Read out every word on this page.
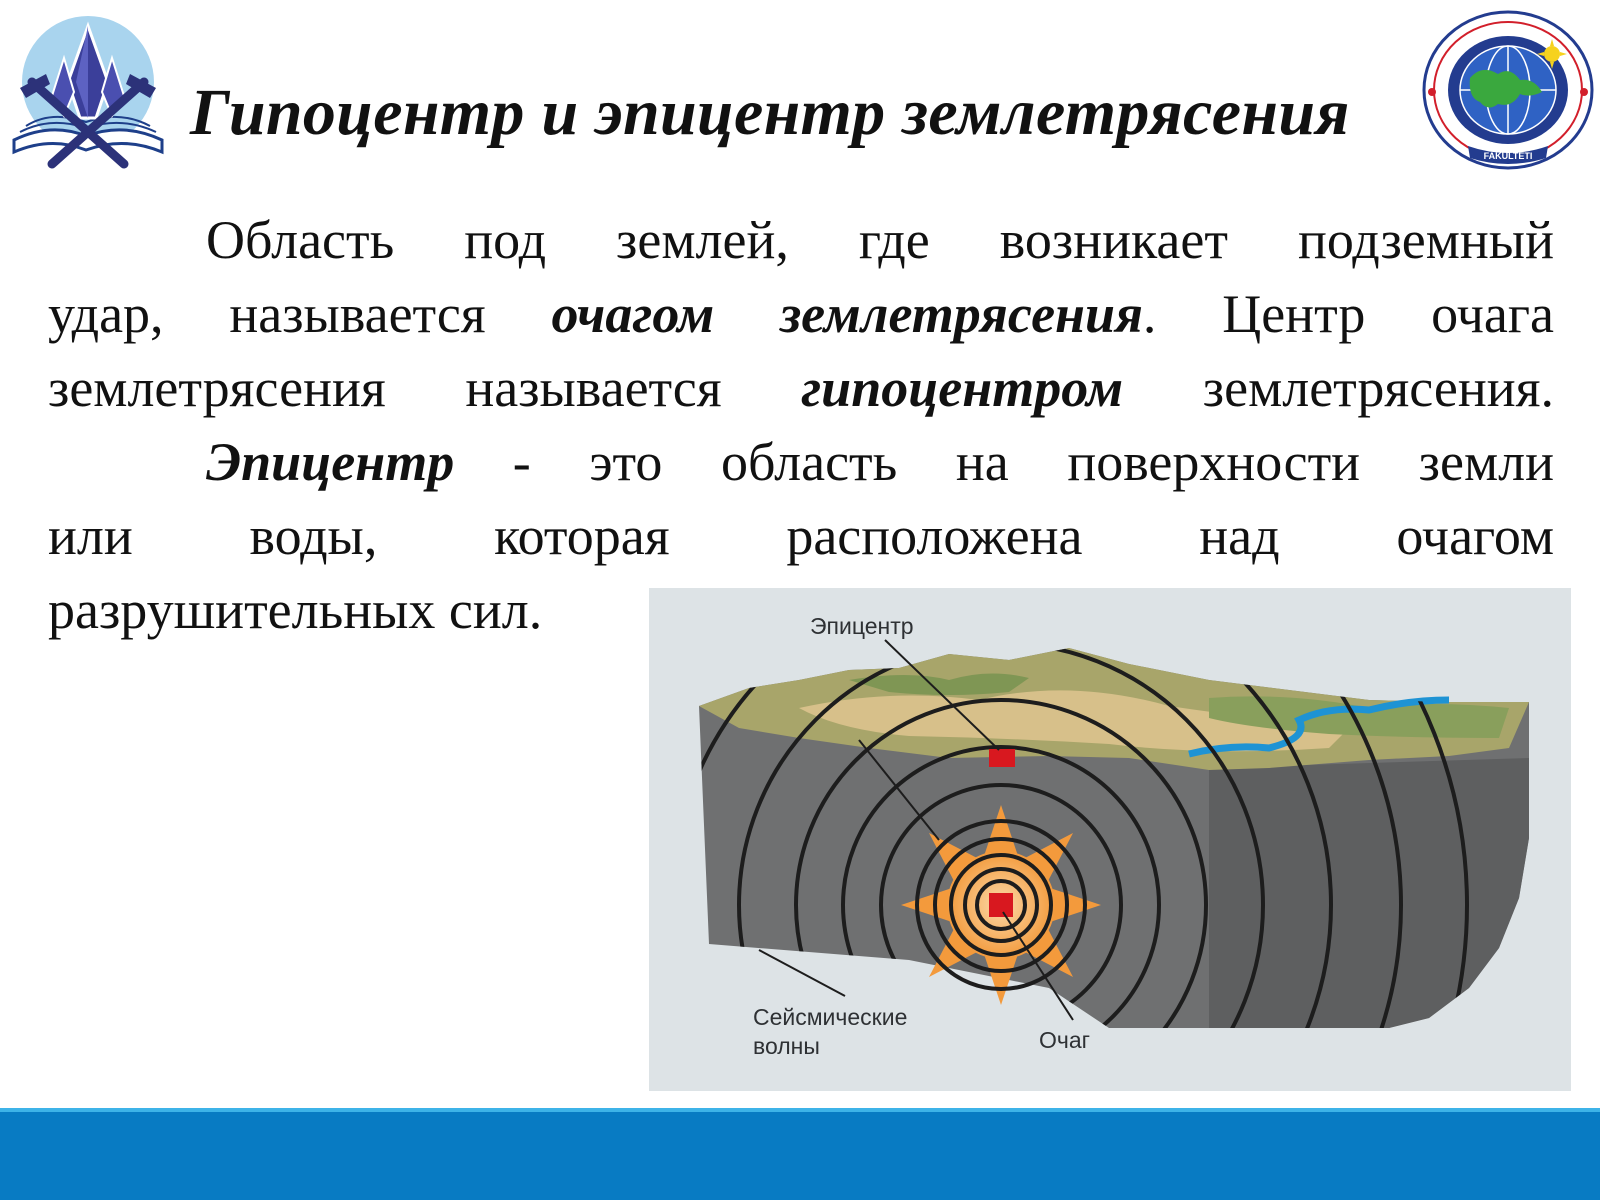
Гипоцентр и эпицентр землетрясения
FAKULTETI
Область под землей, где возникает подземный
удар, называется очагом землетрясения. Центр очага
землетрясения называется гипоцентром землетрясения.
Эпицентр - это область на поверхности земли
или воды, которая расположена над очагом
разрушительных сил.	Эпицентр
Сейсмические
волны	Очаг
